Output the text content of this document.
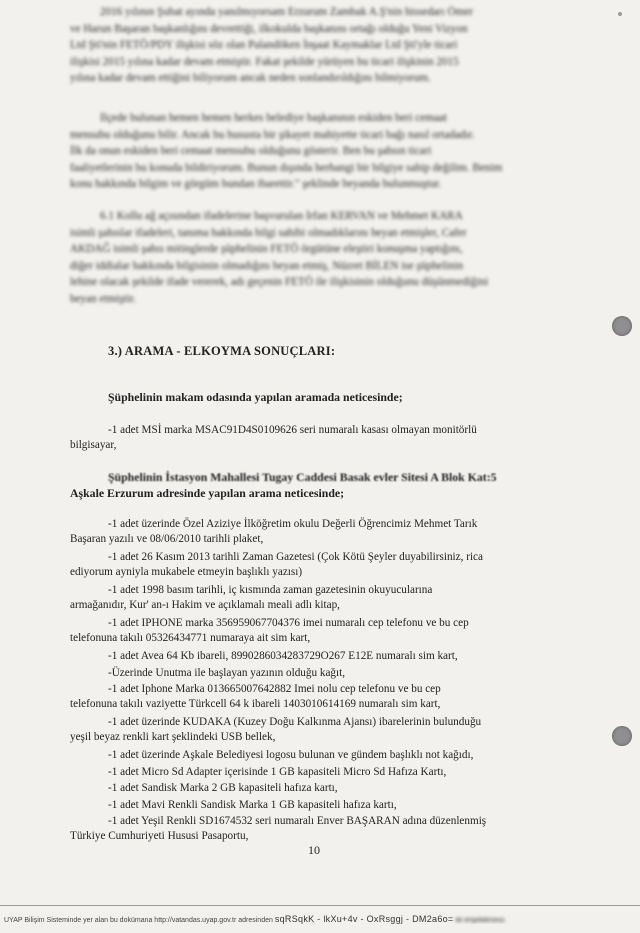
2016 yılının Şubat ayında yanılmıyorsam Erzurum Zambak A.Ş'nin hissedarı Ömer
ve Harun Başaran başkanlığını devrettiği, ilkokulda başkanını ortağı olduğu Yeni Vizyon
Ltd Şti'nin FETÖ/PDY ilişkisi söz olan Palandöken İnşaat Kaymaklar Ltd Şti'yle ticari
ilişkisi 2015 yılına kadar devam etmiştir. Fakat şekilde yürüyen bu ticari ilişkinin 2015
yılına kadar devam ettiğini biliyorum ancak neden sonlandırıldığını bilmiyorum.
İlçede bulunan hemen hemen herkes belediye başkanının eskiden beri cemaat
mensubu olduğunu bilir. Ancak bu hususta bir şikayet mahiyette ticari bağı nasıl ortadadır.
İlk da onun eskiden beri cemaat mensubu olduğunu gösterir. Ben bu şahsın ticari
faaliyetlerinin bu konuda bildiriyorum. Bunun dışında herhangi bir bilgiye sahip değilim. Benim
konu hakkında bilgim ve görgüm bundan ibarettir." şeklinde beyanda bulunmuştur.
6.1 Kollu ağ açısından ifadelerine başvurulan İrfan KERVAN ve Mehmet KARA
isimli şahıslar ifadeleri, tanıma hakkında bilgi sahibi olmadıklarını beyan etmişler, Cafer
AKDAĞ isimli şahıs mitinglerde şüphelinin FETÖ örgütüne eleştiri konuşma yaptığını,
diğer iddialar hakkında bilgisinin olmadığını beyan etmiş, Nüzret BİLEN ise şüphelinin
lehine olacak şekilde ifade vererek, adı geçenin FETÖ ile ilişkisinin olduğunu düşünmediğini
beyan etmiştir.
3.) ARAMA - ELKOYMA SONUÇLARI:
Şüphelinin makam odasında yapılan aramada neticesinde;
-1 adet MSİ marka MSAC91D4S0109626 seri numaralı kasası olmayan monitörlü
bilgisayar,
Şüphelinin İstasyon Mahallesi Tugay Caddesi Basak evler Sitesi A Blok Kat:5
Aşkale Erzurum adresinde yapılan arama neticesinde;
-1 adet üzerinde Özel Aziziye İlköğretim okulu Değerli Öğrencimiz Mehmet Tarık
Başaran yazılı ve 08/06/2010 tarihli plaket,
-1 adet 26 Kasım 2013 tarihli Zaman Gazetesi (Çok Kötü Şeyler duyabilirsiniz, rica
ediyorum ayniyla mukabele etmeyin başlıklı yazısı)
-1 adet 1998 basım tarihli, iç kısmında zaman gazetesinin okuyucularına
armağanıdır, Kur' an-ı Hakim ve açıklamalı meali adlı kitap,
-1 adet IPHONE marka 356959067704376 imei numaralı cep telefonu ve bu cep
telefonuna takılı 05326434771 numaraya ait sim kart,
-1 adet Avea 64 Kb ibareli, 8990286034283729O267 E12E numaralı sim kart,
-Üzerinde Unutma ile başlayan yazının olduğu kağıt,
-1 adet Iphone Marka 013665007642882 Imei nolu cep telefonu ve bu cep
telefonuna takılı vaziyette Türkcell 64 k ibareli 1403010614169 numaralı sim kart,
-1 adet üzerinde KUDAKA (Kuzey Doğu Kalkınma Ajansı) ibarelerinin bulunduğu
yeşil beyaz renkli kart şeklindeki USB bellek,
-1 adet üzerinde Aşkale Belediyesi logosu bulunan ve gündem başlıklı not kağıdı,
-1 adet Micro Sd Adapter içerisinde 1 GB kapasiteli Micro Sd Hafıza Kartı,
-1 adet Sandisk Marka 2 GB kapasiteli hafıza kartı,
-1 adet Mavi Renkli Sandisk Marka 1 GB kapasiteli hafıza kartı,
-1 adet Yeşil Renkli SD1674532 seri numaralı Enver BAŞARAN adına düzenlenmiş
Türkiye Cumhuriyeti Hususi Pasaportu,
10
UYAP Bilişim Sisteminde yer alan bu dokümana http://vatandas.uyap.gov.tr adresinden sqRSqkK - lkXu+4v - OxRsggj - DM2a6o= ile erişebilirsiniz.
